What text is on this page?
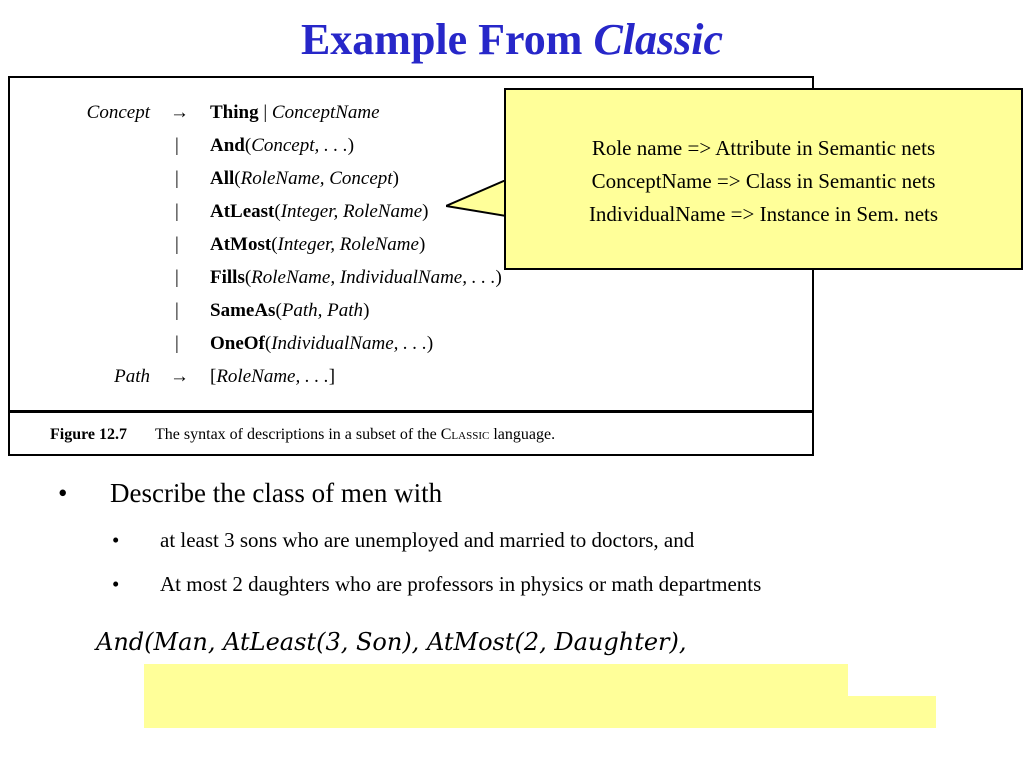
Example From Classic
Concept → Thing | ConceptName
| And(Concept, . . .)
| All(RoleName, Concept)
| AtLeast(Integer, RoleName)
| AtMost(Integer, RoleName)
| Fills(RoleName, IndividualName, . . .)
| SameAs(Path, Path)
| OneOf(IndividualName, . . .)
Path → [RoleName, . . .]
Figure 12.7 The syntax of descriptions in a subset of the Classic language.
Role name => Attribute in Semantic nets
ConceptName => Class in Semantic nets
IndividualName => Instance in Sem. nets
• Describe the class of men with
• at least 3 sons who are unemployed and married to doctors, and
• At most 2 daughters who are professors in physics or math departments
And(Man, AtLeast(3, Son), AtMost(2, Daughter),
